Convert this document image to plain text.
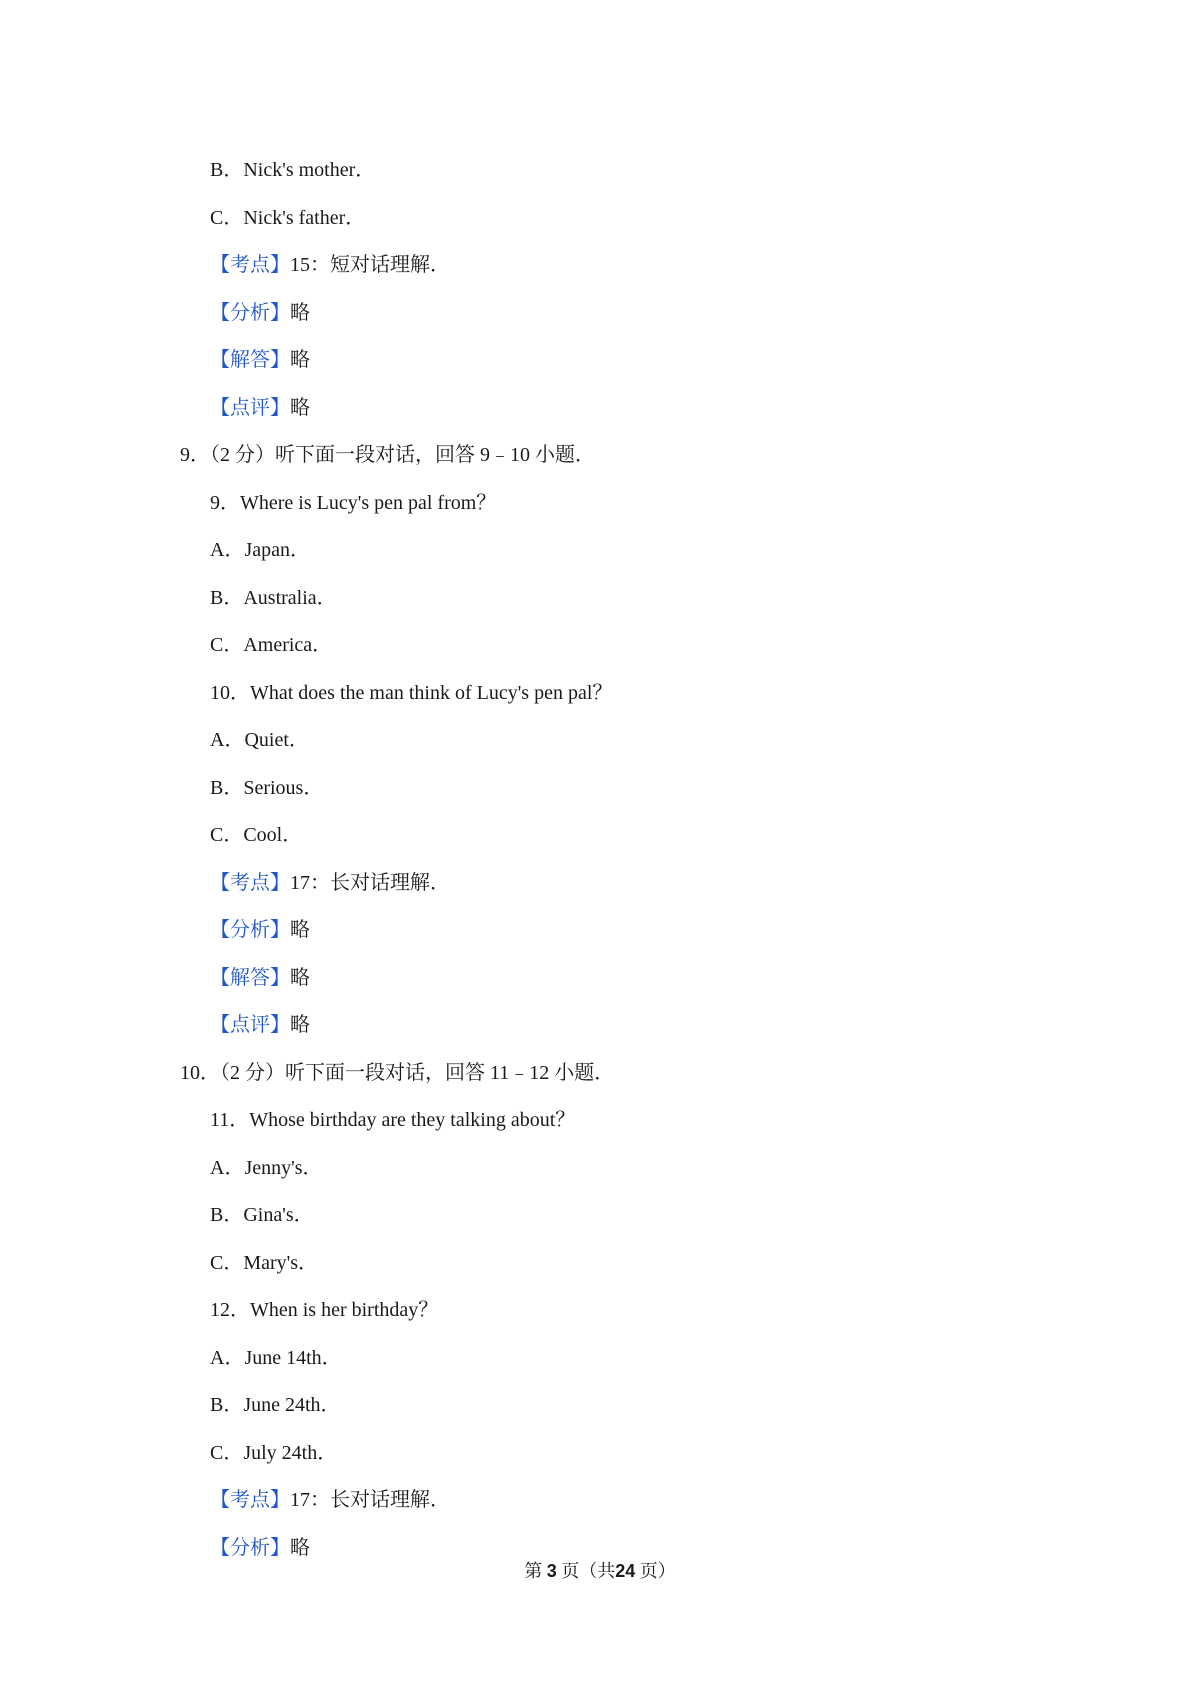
B．Nick's mother．
C．Nick's father．
【考点】15：短对话理解．
【分析】略
【解答】略
【点评】略
9．（2 分）听下面一段对话，回答 9﹣10 小题．
9．Where is Lucy's pen pal from？
A．Japan．
B．Australia．
C．America．
10．What does the man think of Lucy's pen pal？
A．Quiet．
B．Serious．
C．Cool．
【考点】17：长对话理解．
【分析】略
【解答】略
【点评】略
10．（2 分）听下面一段对话，回答 11﹣12 小题．
11．Whose birthday are they talking about？
A．Jenny's．
B．Gina's．
C．Mary's．
12．When is her birthday？
A．June 14th．
B．June 24th．
C．July 24th．
【考点】17：长对话理解．
【分析】略
第 3 页（共24 页）
